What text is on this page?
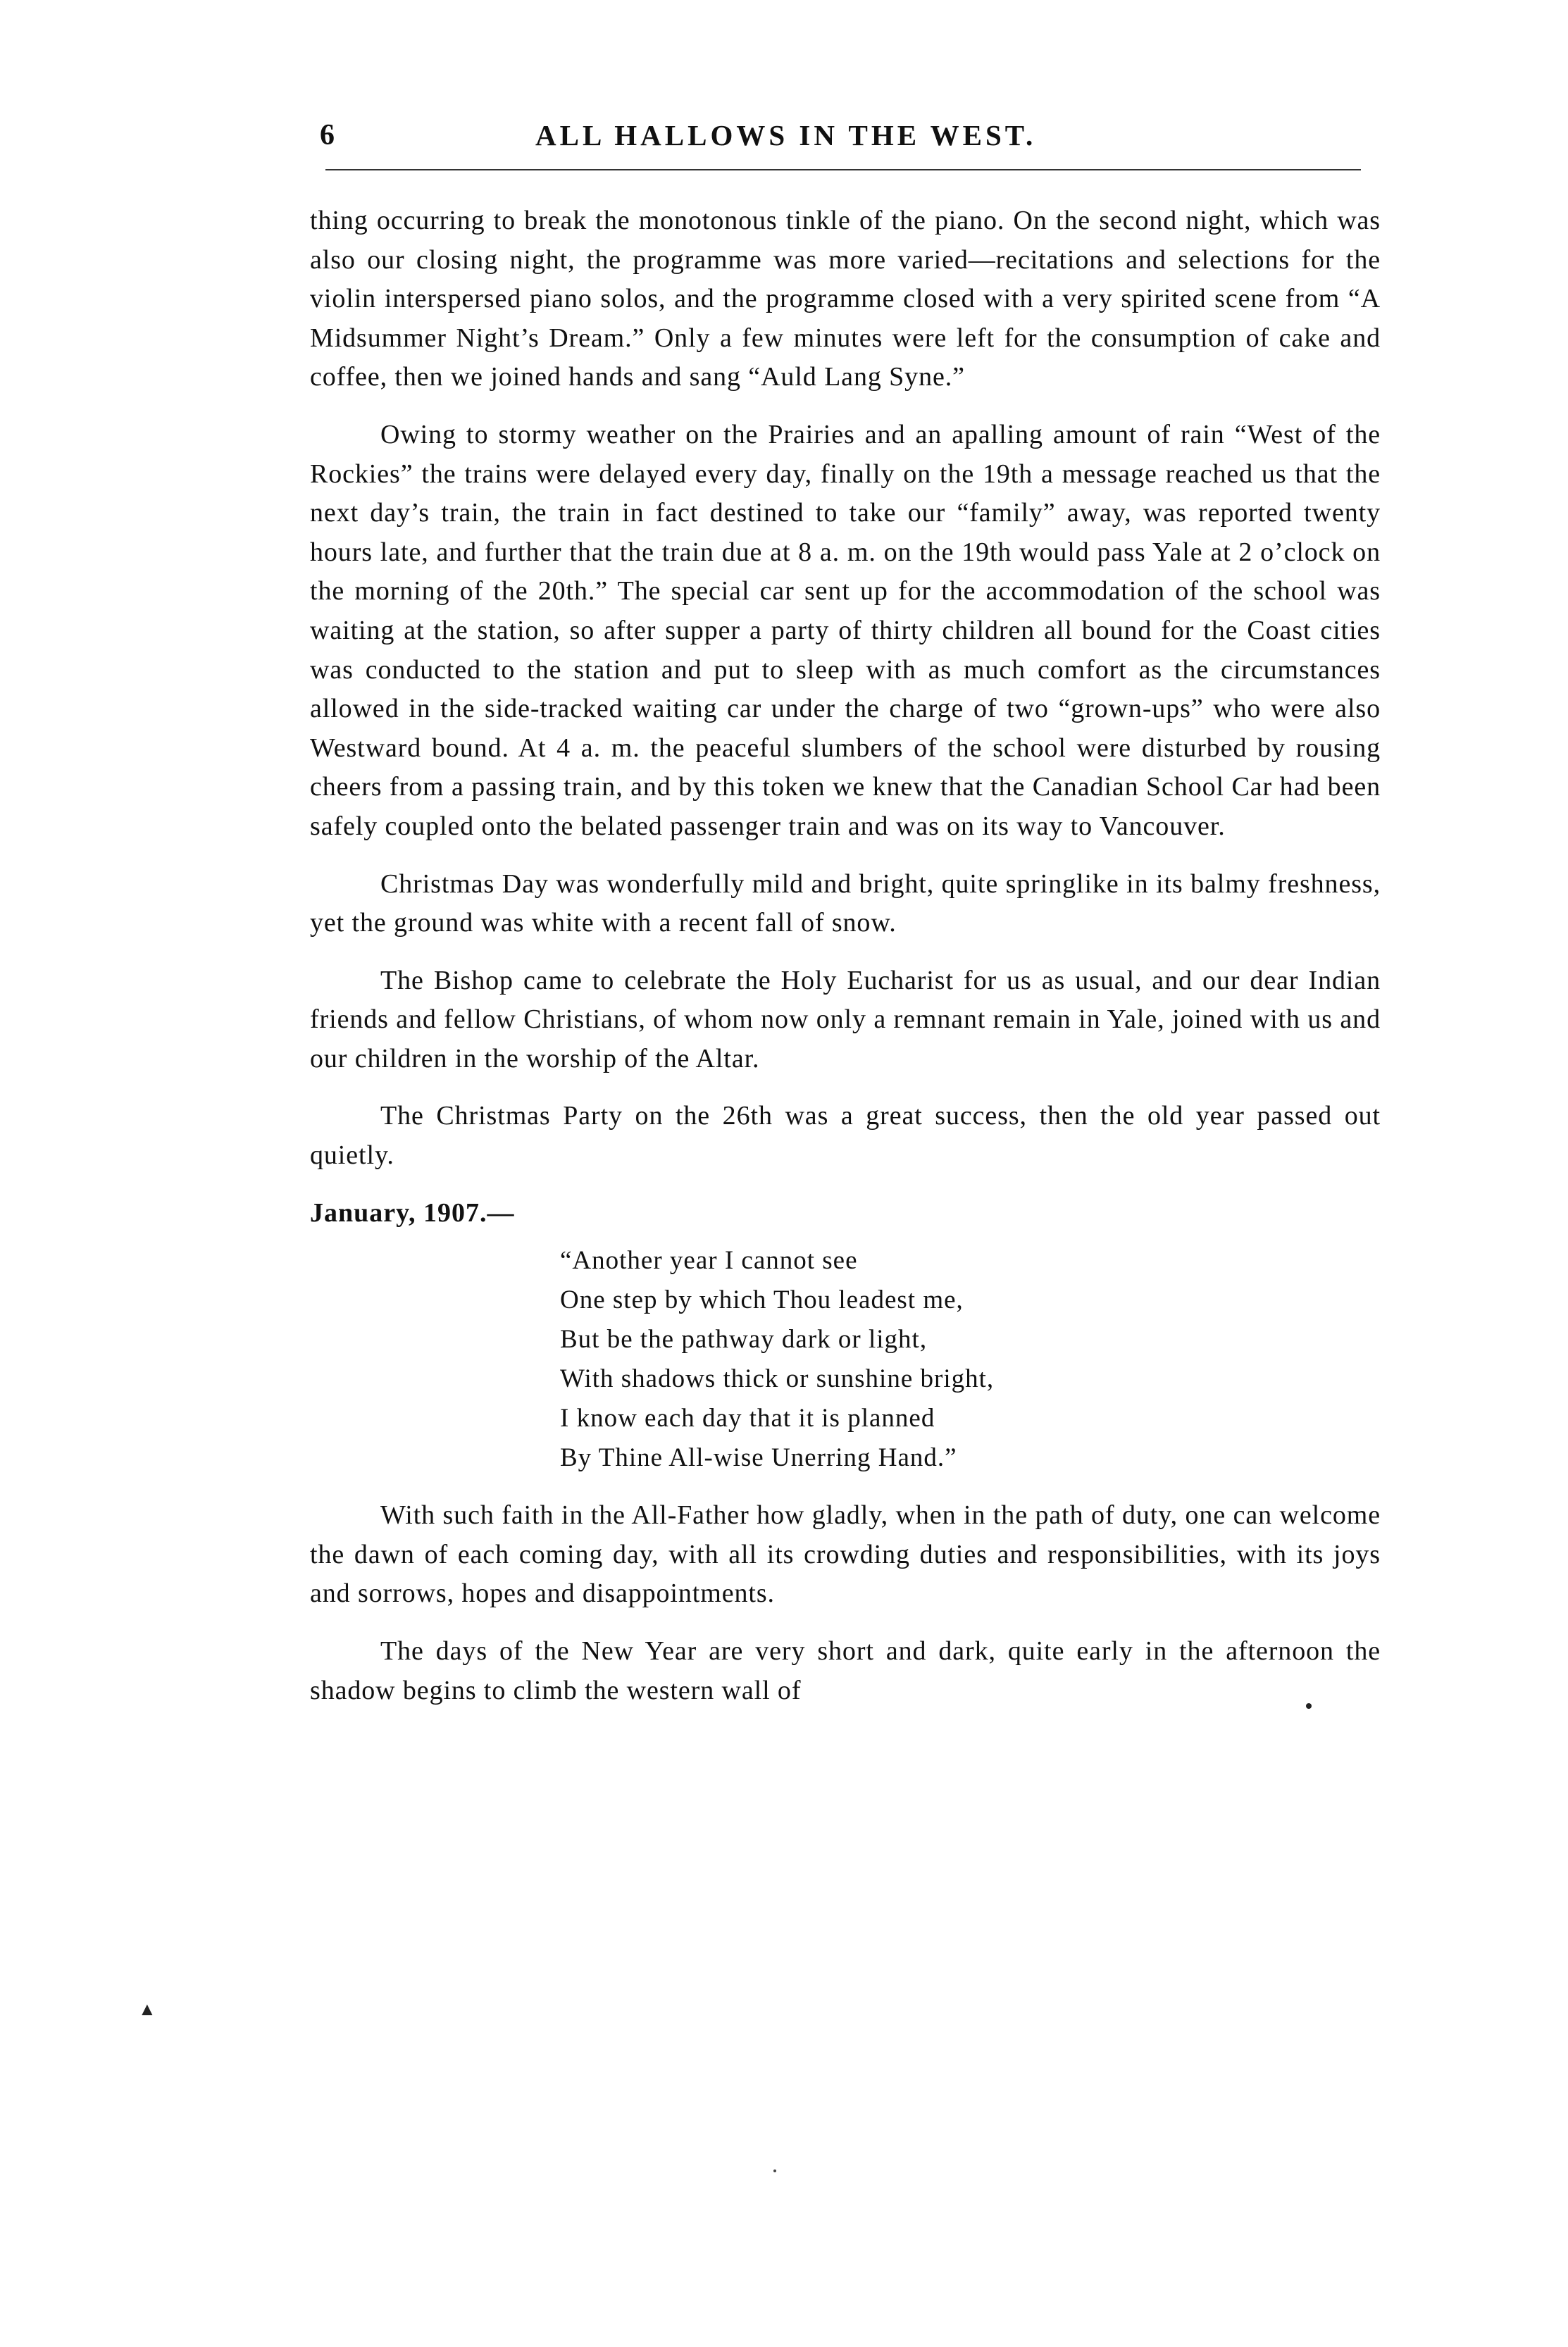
6	ALL HALLOWS IN THE WEST.

thing occurring to break the monotonous tinkle of the piano. On the second night, which was also our closing night, the programme was more varied—recitations and selections for the violin interspersed piano solos, and the programme closed with a very spirited scene from “A Midsummer Night’s Dream.” Only a few minutes were left for the consumption of cake and coffee, then we joined hands and sang “Auld Lang Syne.”

Owing to stormy weather on the Prairies and an apalling amount of rain “West of the Rockies” the trains were delayed every day, finally on the 19th a message reached us that the next day’s train, the train in fact destined to take our “family” away, was reported twenty hours late, and further that the train due at 8 a. m. on the 19th would pass Yale at 2 o’clock on the morning of the 20th.” The special car sent up for the accommodation of the school was waiting at the station, so after supper a party of thirty children all bound for the Coast cities was conducted to the station and put to sleep with as much comfort as the circumstances allowed in the side-tracked waiting car under the charge of two “grown-ups” who were also Westward bound. At 4 a. m. the peaceful slumbers of the school were disturbed by rousing cheers from a passing train, and by this token we knew that the Canadian School Car had been safely coupled onto the belated passenger train and was on its way to Vancouver.

Christmas Day was wonderfully mild and bright, quite springlike in its balmy freshness, yet the ground was white with a recent fall of snow.

The Bishop came to celebrate the Holy Eucharist for us as usual, and our dear Indian friends and fellow Christians, of whom now only a remnant remain in Yale, joined with us and our children in the worship of the Altar.

The Christmas Party on the 26th was a great success, then the old year passed out quietly.

January, 1907.—
“Another year I cannot see
One step by which Thou leadest me,
But be the pathway dark or light,
With shadows thick or sunshine bright,
I know each day that it is planned
By Thine All-wise Unerring Hand.”

With such faith in the All-Father how gladly, when in the path of duty, one can welcome the dawn of each coming day, with all its crowding duties and responsibilities, with its joys and sorrows, hopes and disappointments.

The days of the New Year are very short and dark, quite early in the afternoon the shadow begins to climb the western wall of

▲
